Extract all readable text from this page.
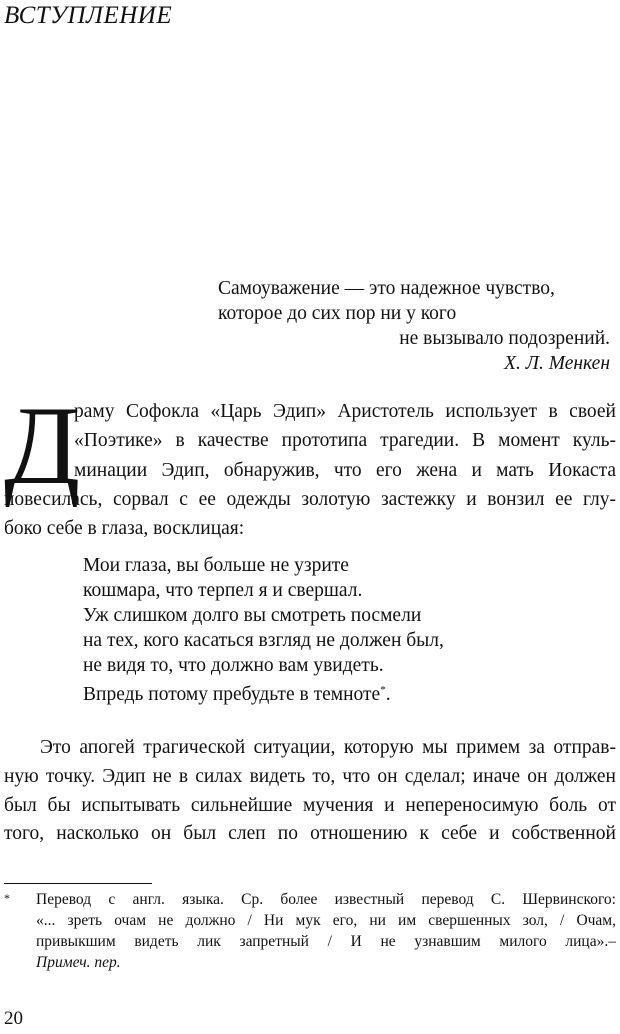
ВСТУПЛЕНИЕ
Самоуважение — это надежное чувство,
которое до сих пор ни у кого
не вызывало подозрений.
Х. Л. Менкен
Д
раму Софокла «Царь Эдип» Аристотель использует в своей
«Поэтике» в качестве прототипа трагедии. В момент куль-
минации Эдип, обнаружив, что его жена и мать Иокаста
повесилась, сорвал с ее одежды золотую застежку и вонзил ее глу-
боко себе в глаза, восклицая:
Мои глаза, вы больше не узрите
кошмара, что терпел я и свершал.
Уж слишком долго вы смотреть посмели
на тех, кого касаться взгляд не должен был,
не видя то, что должно вам увидеть.
Впредь потому пребудьте в темноте*.
Это апогей трагической ситуации, которую мы примем за отправ-
ную точку. Эдип не в силах видеть то, что он сделал; иначе он должен
был бы испытывать сильнейшие мучения и непереносимую боль от
того, насколько он был слеп по отношению к себе и собственной
*	Перевод с англ. языка. Ср. более известный перевод С. Шервинского:
«... зреть очам не должно / Ни мук его, ни им свершенных зол, / Очам,
привыкшим видеть лик запретный / И не узнавшим милого лица».–
Примеч. пер.
20
